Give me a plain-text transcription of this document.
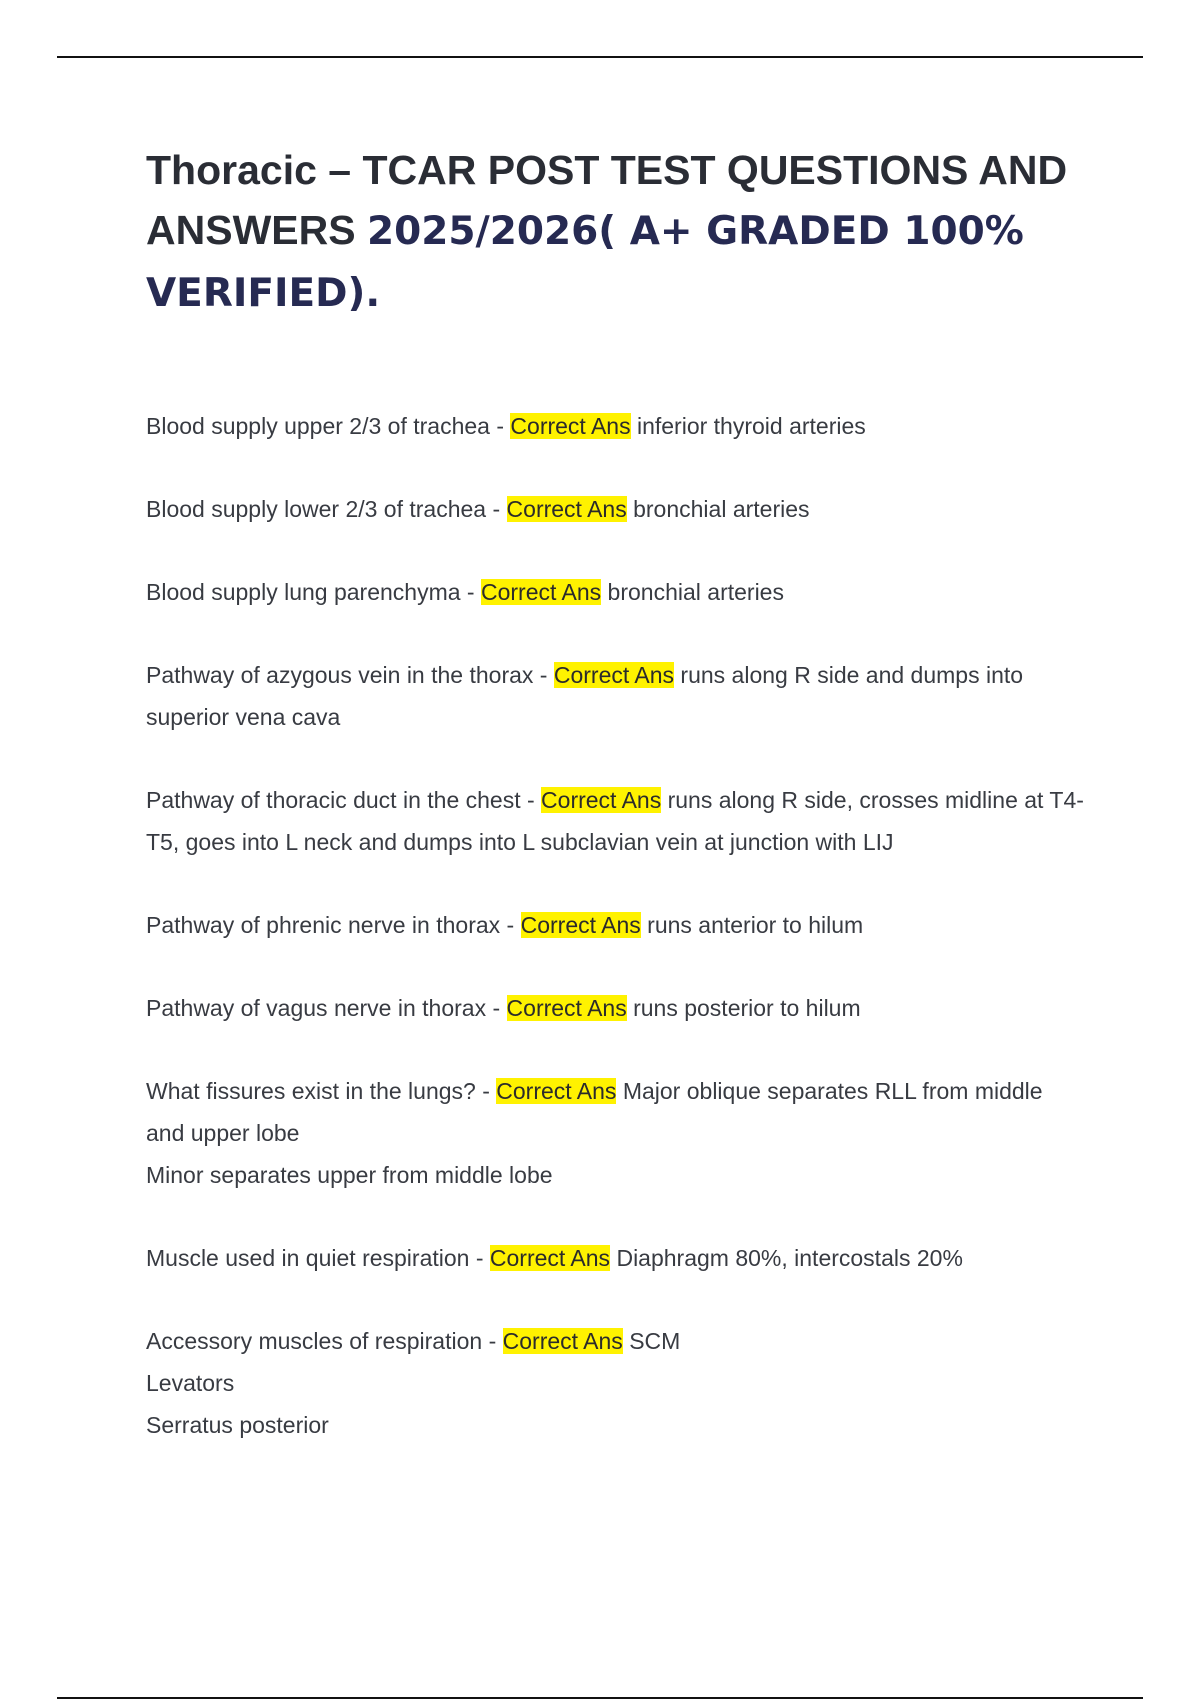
Thoracic – TCAR POST TEST QUESTIONS AND ANSWERS 2025/2026( A+ GRADED 100% VERIFIED).

Blood supply upper 2/3 of trachea - Correct Ans inferior thyroid arteries

Blood supply lower 2/3 of trachea - Correct Ans bronchial arteries

Blood supply lung parenchyma - Correct Ans bronchial arteries

Pathway of azygous vein in the thorax - Correct Ans runs along R side and dumps into superior vena cava

Pathway of thoracic duct in the chest - Correct Ans runs along R side, crosses midline at T4-T5, goes into L neck and dumps into L subclavian vein at junction with LIJ

Pathway of phrenic nerve in thorax - Correct Ans runs anterior to hilum

Pathway of vagus nerve in thorax - Correct Ans runs posterior to hilum

What fissures exist in the lungs? - Correct Ans Major oblique separates RLL from middle and upper lobe
Minor separates upper from middle lobe

Muscle used in quiet respiration - Correct Ans Diaphragm 80%, intercostals 20%

Accessory muscles of respiration - Correct Ans SCM
Levators
Serratus posterior
